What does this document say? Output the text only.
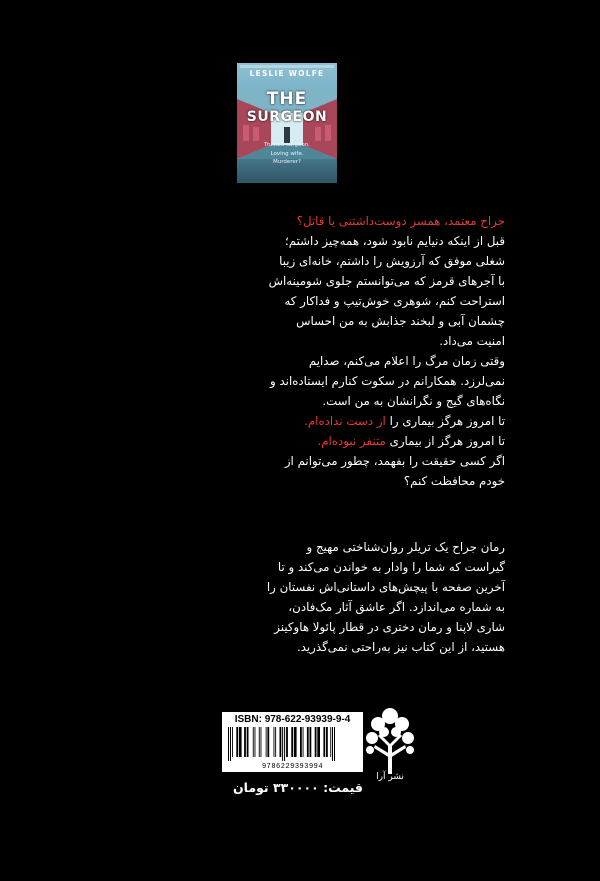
LESLIE WOLFE
THE
SURGEON
Trusted surgeon.
Loving wife.
Murderer?

جراح معتمد، همسر دوست‌داشتنی یا قاتل؟

قبل از اینکه دنیایم نابود شود، همه‌چیز داشتم؛

شغلی موفق که آرزویش را داشتم، خانه‌ای زیبا

با آجرهای قرمز که می‌توانستم جلوی شومینه‌اش

استراحت کنم، شوهری خوش‌تیپ و فداکار که

چشمان آبی و لبخند جذابش به من احساس

امنیت می‌داد.

وقتی زمان مرگ را اعلام می‌کنم، صدایم

نمی‌لرزد. همکارانم در سکوت کنارم ایستاده‌اند و

نگاه‌های گیج و نگرانشان به من است.

تا امروز هرگز بیماری را از دست نداده‌ام.

تا امروز هرگز از بیماری متنفر نبوده‌ام.

اگر کسی حقیقت را بفهمد، چطور می‌توانم از

خودم محافظت کنم؟

رمان جراح یک تریلر روان‌شناختی مهیج و

گیراست که شما را وادار به خواندن می‌کند و تا

آخرین صفحه با پیچش‌های داستانی‌اش نفستان را

به شماره می‌اندازد. اگر عاشق آثار مک‌فادن،

شاری لاپنا و رمان دختری در قطار پائولا هاوکینز

هستید، از این کتاب نیز به‌راحتی نمی‌گذرید.

ISBN: 978-622-93939-9-4
9786229393994
قیمت: ۳۳۰۰۰۰ تومان
نشر آرا
